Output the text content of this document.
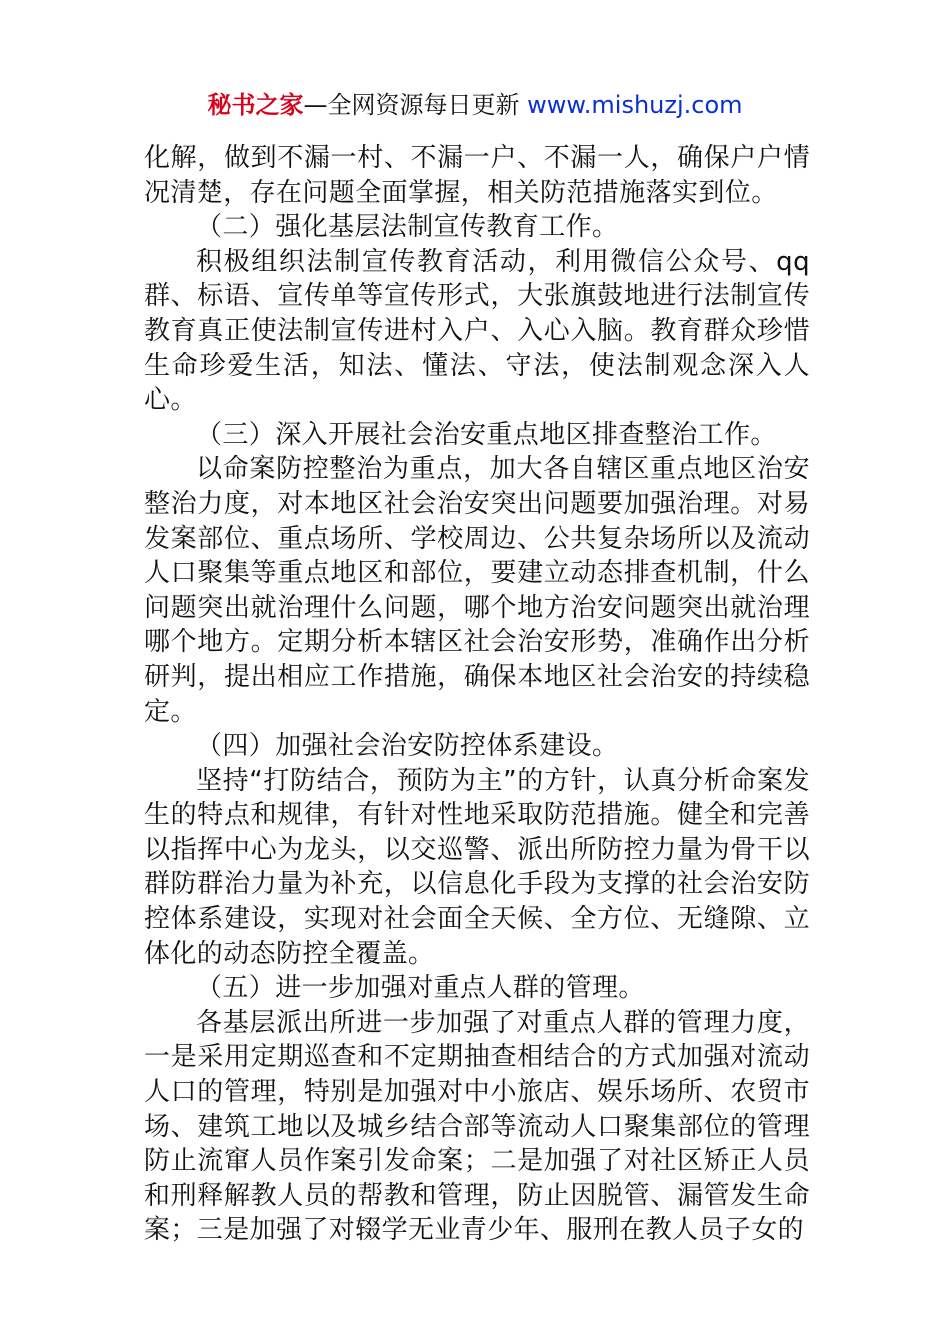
秘书之家—全网资源每日更新 www.mishuzj.com

化解，做到不漏一村、不漏一户、不漏一人，确保户户情况清楚，存在问题全面掌握，相关防范措施落实到位。

（二）强化基层法制宣传教育工作。

积极组织法制宣传教育活动，利用微信公众号、qq群、标语、宣传单等宣传形式，大张旗鼓地进行法制宣传教育真正使法制宣传进村入户、入心入脑。教育群众珍惜生命珍爱生活，知法、懂法、守法，使法制观念深入人心。

（三）深入开展社会治安重点地区排查整治工作。

以命案防控整治为重点，加大各自辖区重点地区治安整治力度，对本地区社会治安突出问题要加强治理。对易发案部位、重点场所、学校周边、公共复杂场所以及流动人口聚集等重点地区和部位，要建立动态排查机制，什么问题突出就治理什么问题，哪个地方治安问题突出就治理哪个地方。定期分析本辖区社会治安形势，准确作出分析研判，提出相应工作措施，确保本地区社会治安的持续稳定。

（四）加强社会治安防控体系建设。

坚持“打防结合，预防为主”的方针，认真分析命案发生的特点和规律，有针对性地采取防范措施。健全和完善以指挥中心为龙头，以交巡警、派出所防控力量为骨干以群防群治力量为补充，以信息化手段为支撑的社会治安防控体系建设，实现对社会面全天候、全方位、无缝隙、立体化的动态防控全覆盖。

（五）进一步加强对重点人群的管理。

各基层派出所进一步加强了对重点人群的管理力度，一是采用定期巡查和不定期抽查相结合的方式加强对流动人口的管理，特别是加强对中小旅店、娱乐场所、农贸市场、建筑工地以及城乡结合部等流动人口聚集部位的管理防止流窜人员作案引发命案；二是加强了对社区矫正人员和刑释解教人员的帮教和管理，防止因脱管、漏管发生命案；三是加强了对辍学无业青少年、服刑在教人员子女的
